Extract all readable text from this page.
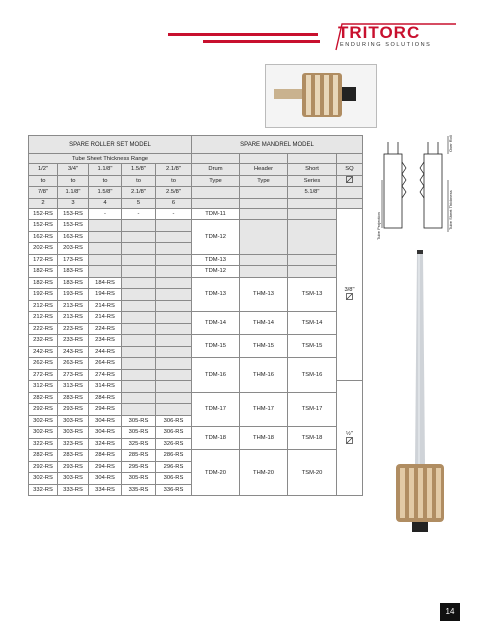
TRITORC
ENDURING SOLUTIONS
SPARE ROLLER SET MODEL					SPARE MANDREL MODEL			
Tube Sheet Thickness Range								
1/2"	3/4"	1.1/8"	1.5/8"	2.1/8"	Drum	Header	Short	SQ
to	to	to	to	to	Type	Type	Series	
7/8"	1.1/8"	1.5/8"	2.1/8"	2.5/8"			5.1/8"	
2	3	4	5	6				
152-RS	153-RS	-	-	-	TDM-11			3/8"

152-RS	153-RS				TDM-12			
162-RS	163-RS							
202-RS	203-RS							
172-RS	173-RS				TDM-13			
182-RS	183-RS				TDM-12			
182-RS	183-RS	184-RS			TDM-13	THM-13	TSM-13	
192-RS	193-RS	194-RS						
212-RS	213-RS	214-RS						
212-RS	213-RS	214-RS			TDM-14	THM-14	TSM-14	
222-RS	223-RS	224-RS						
232-RS	233-RS	234-RS			TDM-15	THM-15	TSM-15	
242-RS	243-RS	244-RS						
262-RS	263-RS	264-RS			TDM-16	THM-16	TSM-16	
272-RS	273-RS	274-RS						
312-RS	313-RS	314-RS						½"

282-RS	283-RS	284-RS			TDM-17	THM-17	TSM-17	
292-RS	293-RS	294-RS						
302-RS	303-RS	304-RS	305-RS	306-RS				
302-RS	303-RS	304-RS	305-RS	306-RS	TDM-18	THM-18	TSM-18	
322-RS	323-RS	324-RS	325-RS	326-RS				
282-RS	283-RS	284-RS	285-RS	286-RS	TDM-20	THM-20	TSM-20	
292-RS	293-RS	294-RS	295-RS	296-RS				
302-RS	303-RS	304-RS	305-RS	306-RS				
332-RS	333-RS	334-RS	335-RS	336-RS				
Over Roll
Tube Projection	Tube Sheet Thickness
14
